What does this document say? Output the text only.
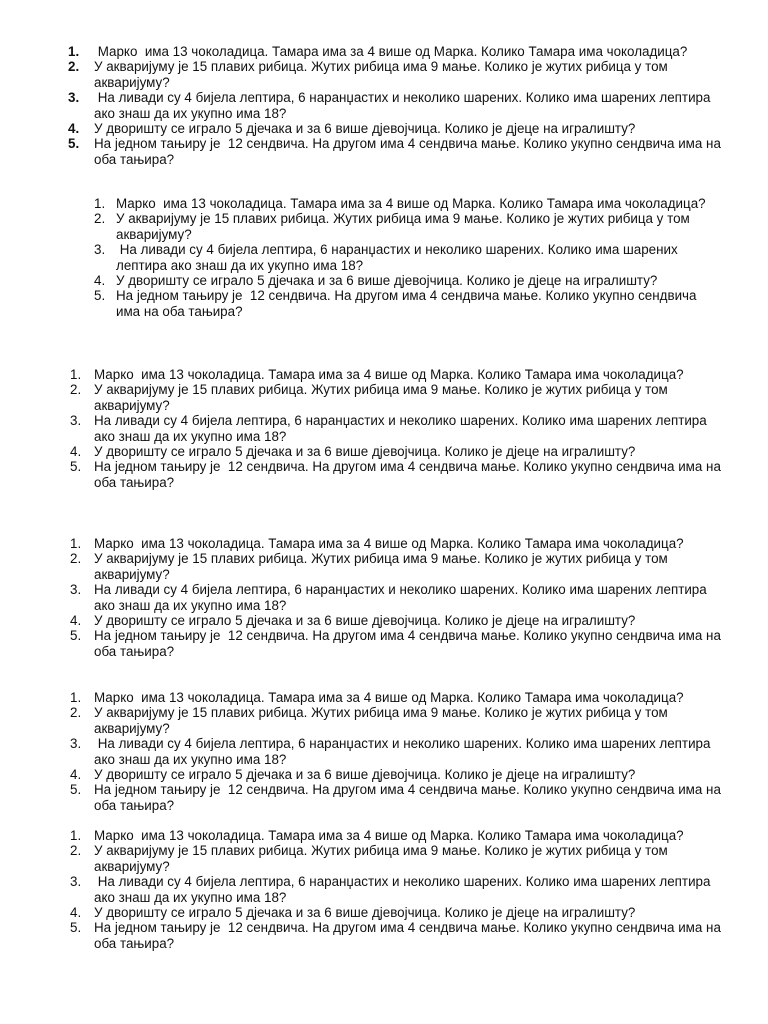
1.	Марко  има 13 чоколадица. Тамара има за 4 више од Марка. Колико Тамара има чоколадица?
2.	У акваријуму је 15 плавих рибица. Жутих рибица има 9 мање. Колико је жутих рибица у том акваријуму?
3.	На ливади су 4 бијела лептира, 6 наранџастих и неколико шарених. Колико има шарених лептира ако знаш да их укупно има 18?
4.	У дворишту се играло 5 дјечака и за 6 више дјевојчица. Колико је дјеце на игралишту?
5.	На једном тањиру је  12 сендвича. На другом има 4 сендвича мање. Колико укупно сендвича има на оба тањира?
1. Марко  има 13 чоколадица. Тамара има за 4 више од Марка. Колико Тамара има чоколадица?
2. У акваријуму је 15 плавих рибица. Жутих рибица има 9 мање. Колико је жутих рибица у том акваријуму?
3. На ливади су 4 бијела лептира, 6 наранџастих и неколико шарених. Колико има шарених лептира ако знаш да их укупно има 18?
4. У дворишту се играло 5 дјечака и за 6 више дјевојчица. Колико је дјеце на игралишту?
5. На једном тањиру је  12 сендвича. На другом има 4 сендвича мање. Колико укупно сендвича има на оба тањира?
1. Марко  има 13 чоколадица. Тамара има за 4 више од Марка. Колико Тамара има чоколадица?
2. У акваријуму је 15 плавих рибица. Жутих рибица има 9 мање. Колико је жутих рибица у том акваријуму?
3. На ливади су 4 бијела лептира, 6 наранџастих и неколико шарених. Колико има шарених лептира ако знаш да их укупно има 18?
4. У дворишту се играло 5 дјечака и за 6 више дјевојчица. Колико је дјеце на игралишту?
5. На једном тањиру је  12 сендвича. На другом има 4 сендвича мање. Колико укупно сендвича има на оба тањира?
1. Марко  има 13 чоколадица. Тамара има за 4 више од Марка. Колико Тамара има чоколадица?
2. У акваријуму је 15 плавих рибица. Жутих рибица има 9 мање. Колико је жутих рибица у том акваријуму?
3. На ливади су 4 бијела лептира, 6 наранџастих и неколико шарених. Колико има шарених лептира ако знаш да их укупно има 18?
4. У дворишту се играло 5 дјечака и за 6 више дјевојчица. Колико је дјеце на игралишту?
5. На једном тањиру је  12 сендвича. На другом има 4 сендвича мање. Колико укупно сендвича има на оба тањира?
1. Марко  има 13 чоколадица. Тамара има за 4 више од Марка. Колико Тамара има чоколадица?
2. У акваријуму је 15 плавих рибица. Жутих рибица има 9 мање. Колико је жутих рибица у том акваријуму?
3. На ливади су 4 бијела лептира, 6 наранџастих и неколико шарених. Колико има шарених лептира ако знаш да их укупно има 18?
4. У дворишту се играло 5 дјечака и за 6 више дјевојчица. Колико је дјеце на игралишту?
5. На једном тањиру је  12 сендвича. На другом има 4 сендвича мање. Колико укупно сендвича има на оба тањира?
1. Марко  има 13 чоколадица. Тамара има за 4 више од Марка. Колико Тамара има чоколадица?
2. У акваријуму је 15 плавих рибица. Жутих рибица има 9 мање. Колико је жутих рибица у том акваријуму?
3. На ливади су 4 бијела лептира, 6 наранџастих и неколико шарених. Колико има шарених лептира ако знаш да их укупно има 18?
4. У дворишту се играло 5 дјечака и за 6 више дјевојчица. Колико је дјеце на игралишту?
5. На једном тањиру је  12 сендвича. На другом има 4 сендвича мање. Колико укупно сендвича има на оба тањира?
